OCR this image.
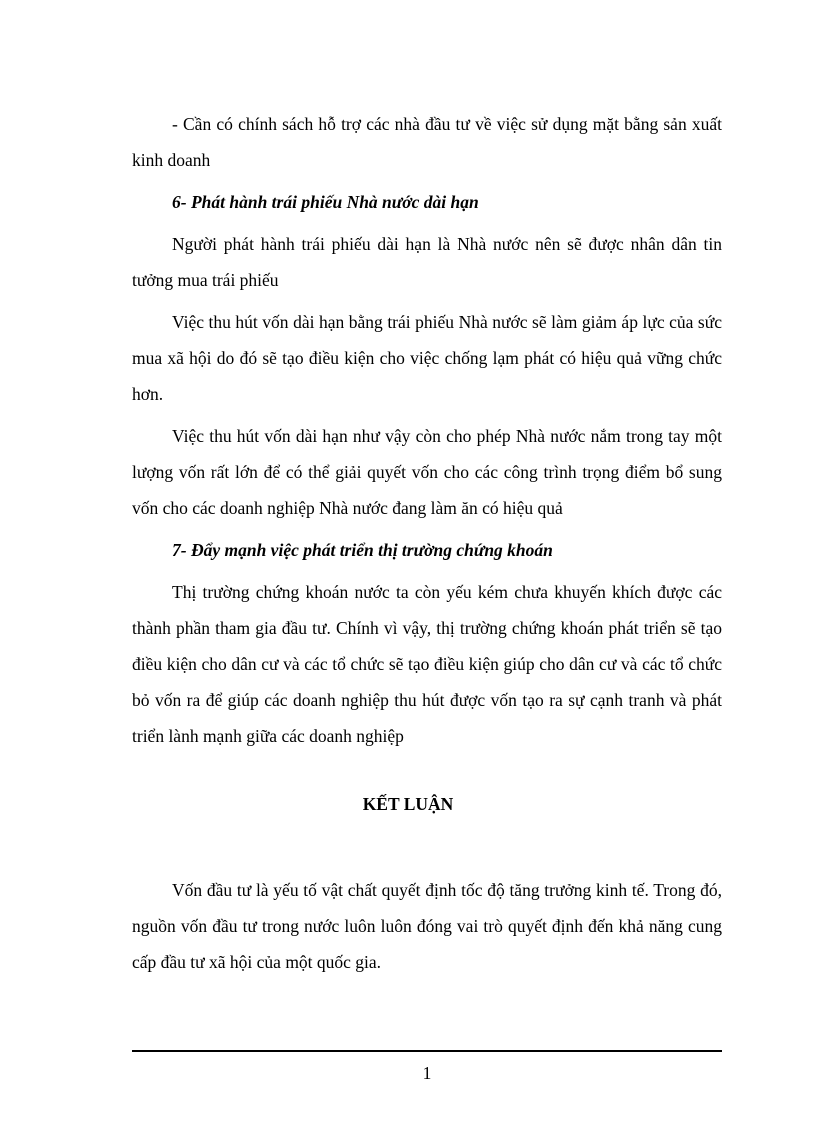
- Cần có chính sách hỗ trợ các nhà đầu tư về việc sử dụng mặt bằng sản xuất kinh doanh

6- Phát hành trái phiếu Nhà nước dài hạn

Người phát hành trái phiếu dài hạn là Nhà nước nên sẽ được nhân dân tin tưởng mua trái phiếu

Việc thu hút vốn dài hạn bằng trái phiếu Nhà nước sẽ làm giảm áp lực của sức mua xã hội do đó sẽ tạo điều kiện cho việc chống lạm phát có hiệu quả vững chức hơn.

Việc thu hút vốn dài hạn như vậy còn cho phép Nhà nước nắm trong tay một lượng vốn rất lớn để có thể giải quyết vốn cho các công trình trọng điểm bổ sung vốn cho các doanh nghiệp Nhà nước đang làm ăn có hiệu quả

7- Đẩy mạnh việc phát triển thị trường chứng khoán

Thị trường chứng khoán nước ta còn yếu kém chưa khuyến khích được các thành phần tham gia đầu tư. Chính vì vậy, thị trường chứng khoán phát triển sẽ tạo điều kiện cho dân cư và các tổ chức sẽ tạo điều kiện giúp cho dân cư và các tổ chức bỏ vốn ra để giúp các doanh nghiệp thu hút được vốn tạo ra sự cạnh tranh và phát triển lành mạnh giữa các doanh nghiệp

KẾT LUẬN

Vốn đầu tư là yếu tố vật chất quyết định tốc độ tăng trưởng kinh tế. Trong đó, nguồn vốn đầu tư trong nước luôn luôn đóng vai trò quyết định đến khả năng cung cấp đầu tư xã hội của một quốc gia.

1
